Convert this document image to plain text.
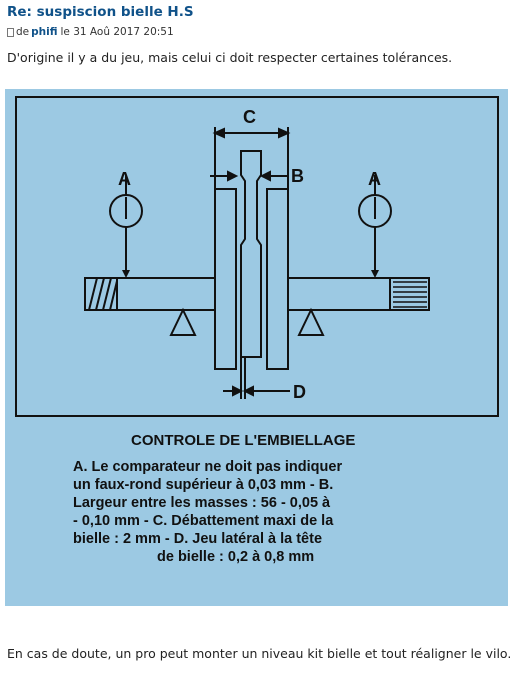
Re: suspiscion bielle H.S
de phifi le 31 Aoû 2017 20:51
D'origine il y a du jeu, mais celui ci doit respecter certaines tolérances.
C
B
D
A	A
CONTROLE DE L'EMBIELLAGE
A. Le comparateur ne doit pas indiquer
un faux-rond supérieur à 0,03 mm - B.
Largeur entre les masses : 56 - 0,05 à
- 0,10 mm - C. Débattement maxi de la
bielle : 2 mm - D. Jeu latéral à la tête
de bielle : 0,2 à 0,8 mm
En cas de doute, un pro peut monter un niveau kit bielle et tout réaligner le vilo.
